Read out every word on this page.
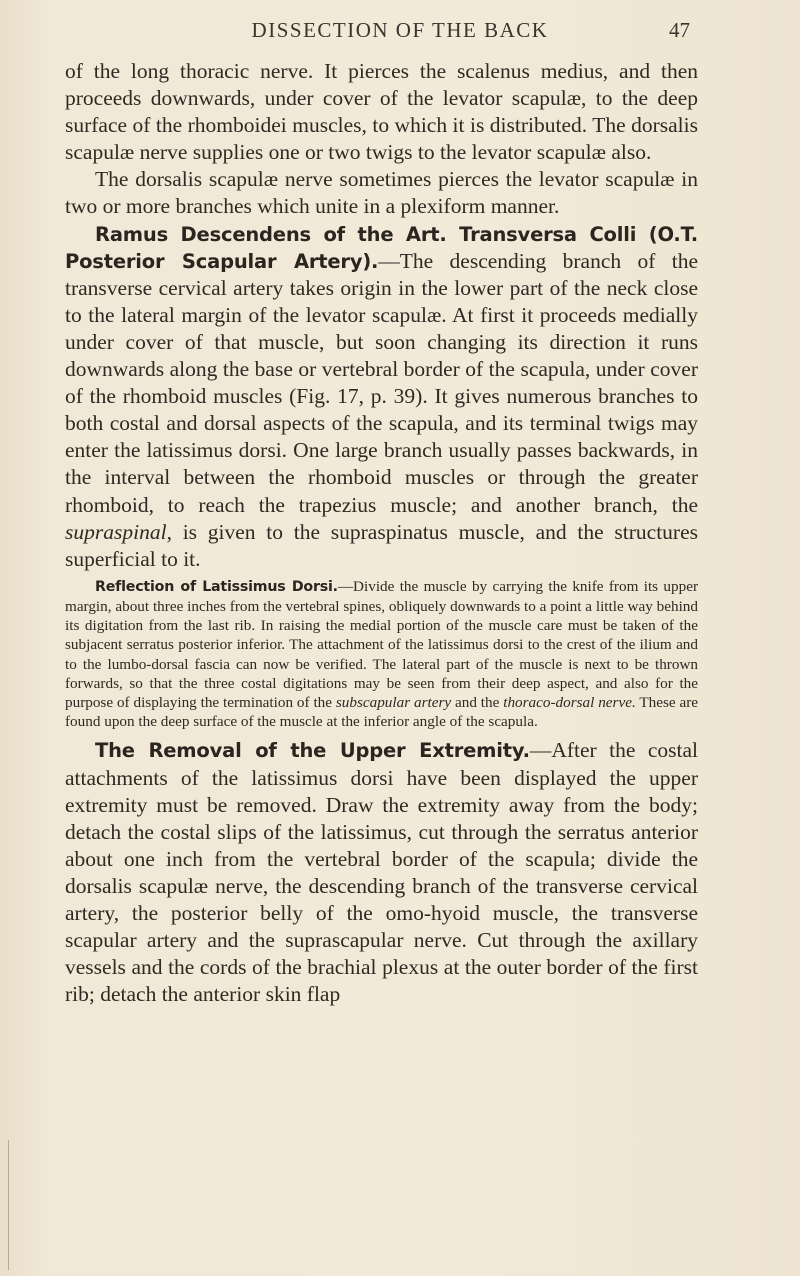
DISSECTION OF THE BACK	47

of the long thoracic nerve. It pierces the scalenus medius, and then proceeds downwards, under cover of the levator scapulæ, to the deep surface of the rhomboidei muscles, to which it is distributed. The dorsalis scapulæ nerve supplies one or two twigs to the levator scapulæ also.

The dorsalis scapulæ nerve sometimes pierces the levator scapulæ in two or more branches which unite in a plexiform manner.

Ramus Descendens of the Art. Transversa Colli (O.T. Posterior Scapular Artery).—The descending branch of the transverse cervical artery takes origin in the lower part of the neck close to the lateral margin of the levator scapulæ. At first it proceeds medially under cover of that muscle, but soon changing its direction it runs downwards along the base or vertebral border of the scapula, under cover of the rhomboid muscles (Fig. 17, p. 39). It gives numerous branches to both costal and dorsal aspects of the scapula, and its terminal twigs may enter the latissimus dorsi. One large branch usually passes backwards, in the interval between the rhomboid muscles or through the greater rhomboid, to reach the trapezius muscle; and another branch, the supraspinal, is given to the supraspinatus muscle, and the structures superficial to it.

Reflection of Latissimus Dorsi.—Divide the muscle by carrying the knife from its upper margin, about three inches from the vertebral spines, obliquely downwards to a point a little way behind its digitation from the last rib. In raising the medial portion of the muscle care must be taken of the subjacent serratus posterior inferior. The attachment of the latissimus dorsi to the crest of the ilium and to the lumbo-dorsal fascia can now be verified. The lateral part of the muscle is next to be thrown forwards, so that the three costal digitations may be seen from their deep aspect, and also for the purpose of displaying the termination of the subscapular artery and the thoraco-dorsal nerve. These are found upon the deep surface of the muscle at the inferior angle of the scapula.

The Removal of the Upper Extremity.—After the costal attachments of the latissimus dorsi have been displayed the upper extremity must be removed. Draw the extremity away from the body; detach the costal slips of the latissimus, cut through the serratus anterior about one inch from the vertebral border of the scapula; divide the dorsalis scapulæ nerve, the descending branch of the transverse cervical artery, the posterior belly of the omo-hyoid muscle, the transverse scapular artery and the suprascapular nerve. Cut through the axillary vessels and the cords of the brachial plexus at the outer border of the first rib; detach the anterior skin flap
